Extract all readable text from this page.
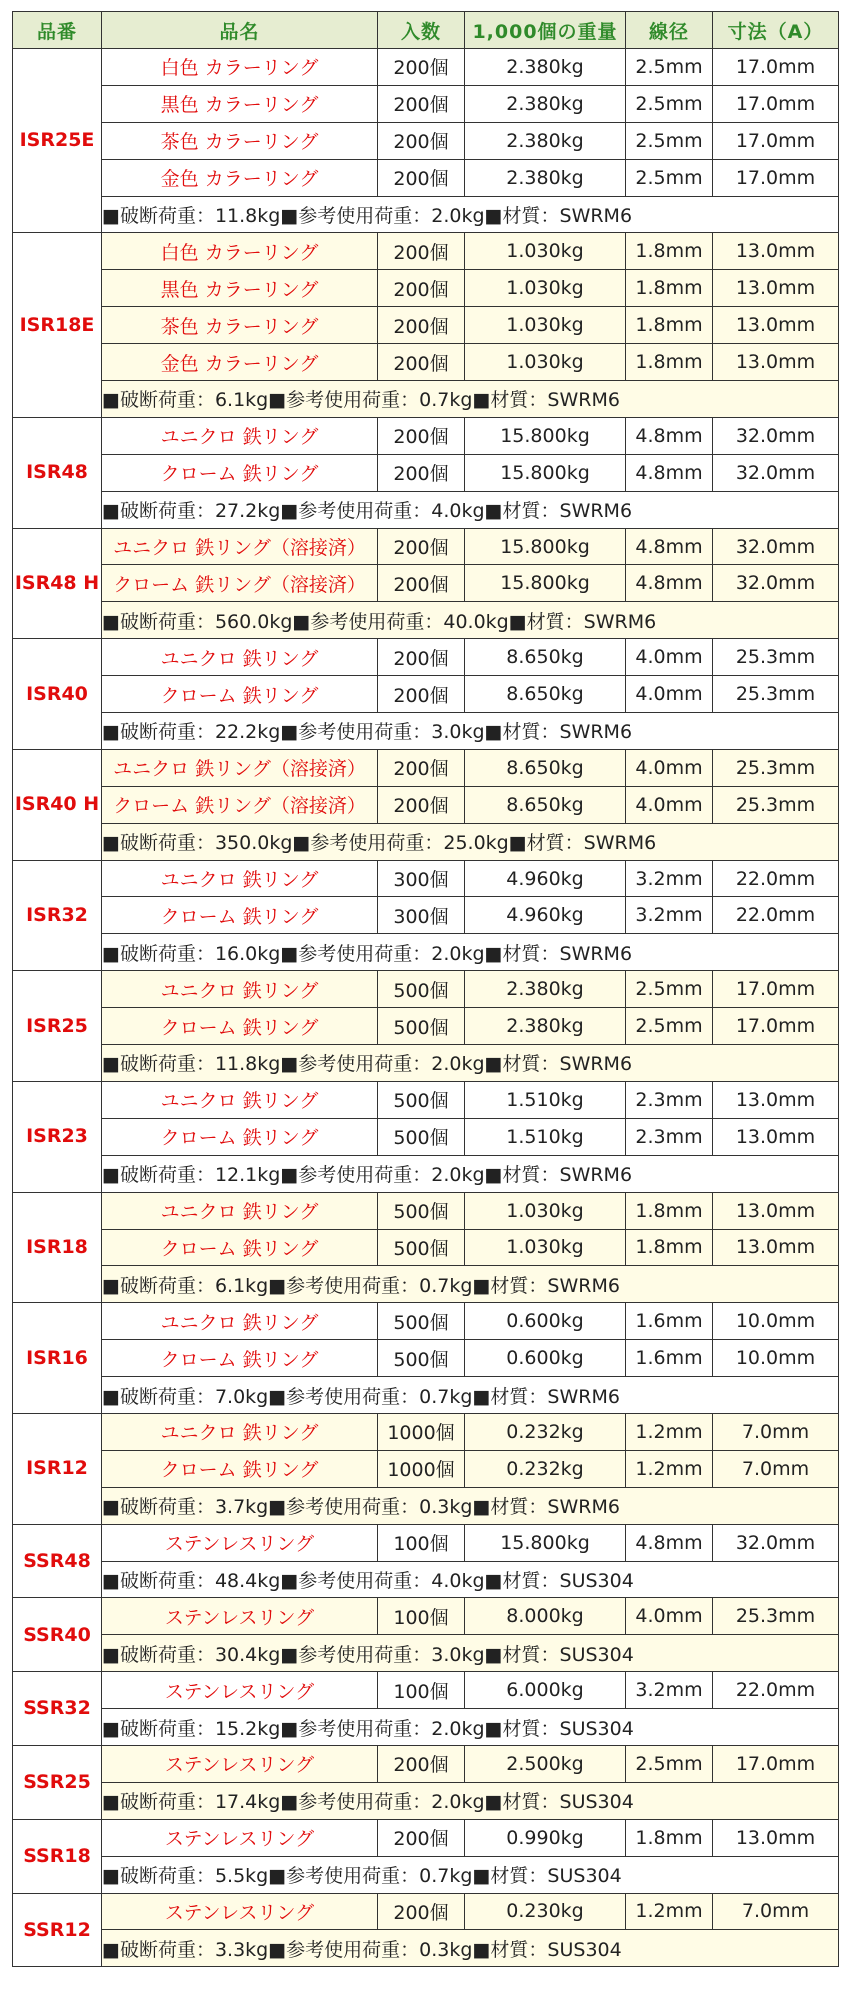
品番	品名	入数	1,000個の重量	線径	寸法（A）
ISR25E	白色 カラーリング	200個	2.380kg	2.5mm	17.0mm
	黒色 カラーリング	200個	2.380kg	2.5mm	17.0mm
	茶色 カラーリング	200個	2.380kg	2.5mm	17.0mm
	金色 カラーリング	200個	2.380kg	2.5mm	17.0mm
	■破断荷重：11.8kg■参考使用荷重：2.0kg■材質：SWRM6				
ISR18E	白色 カラーリング	200個	1.030kg	1.8mm	13.0mm
	黒色 カラーリング	200個	1.030kg	1.8mm	13.0mm
	茶色 カラーリング	200個	1.030kg	1.8mm	13.0mm
	金色 カラーリング	200個	1.030kg	1.8mm	13.0mm
	■破断荷重：6.1kg■参考使用荷重：0.7kg■材質：SWRM6				
ISR48	ユニクロ 鉄リング	200個	15.800kg	4.8mm	32.0mm
	クローム 鉄リング	200個	15.800kg	4.8mm	32.0mm
	■破断荷重：27.2kg■参考使用荷重：4.0kg■材質：SWRM6				
ISR48 H	ユニクロ 鉄リング（溶接済）	200個	15.800kg	4.8mm	32.0mm
	クローム 鉄リング（溶接済）	200個	15.800kg	4.8mm	32.0mm
	■破断荷重：560.0kg■参考使用荷重：40.0kg■材質：SWRM6				
ISR40	ユニクロ 鉄リング	200個	8.650kg	4.0mm	25.3mm
	クローム 鉄リング	200個	8.650kg	4.0mm	25.3mm
	■破断荷重：22.2kg■参考使用荷重：3.0kg■材質：SWRM6				
ISR40 H	ユニクロ 鉄リング（溶接済）	200個	8.650kg	4.0mm	25.3mm
	クローム 鉄リング（溶接済）	200個	8.650kg	4.0mm	25.3mm
	■破断荷重：350.0kg■参考使用荷重：25.0kg■材質：SWRM6				
ISR32	ユニクロ 鉄リング	300個	4.960kg	3.2mm	22.0mm
	クローム 鉄リング	300個	4.960kg	3.2mm	22.0mm
	■破断荷重：16.0kg■参考使用荷重：2.0kg■材質：SWRM6				
ISR25	ユニクロ 鉄リング	500個	2.380kg	2.5mm	17.0mm
	クローム 鉄リング	500個	2.380kg	2.5mm	17.0mm
	■破断荷重：11.8kg■参考使用荷重：2.0kg■材質：SWRM6				
ISR23	ユニクロ 鉄リング	500個	1.510kg	2.3mm	13.0mm
	クローム 鉄リング	500個	1.510kg	2.3mm	13.0mm
	■破断荷重：12.1kg■参考使用荷重：2.0kg■材質：SWRM6				
ISR18	ユニクロ 鉄リング	500個	1.030kg	1.8mm	13.0mm
	クローム 鉄リング	500個	1.030kg	1.8mm	13.0mm
	■破断荷重：6.1kg■参考使用荷重：0.7kg■材質：SWRM6				
ISR16	ユニクロ 鉄リング	500個	0.600kg	1.6mm	10.0mm
	クローム 鉄リング	500個	0.600kg	1.6mm	10.0mm
	■破断荷重：7.0kg■参考使用荷重：0.7kg■材質：SWRM6				
ISR12	ユニクロ 鉄リング	1000個	0.232kg	1.2mm	7.0mm
	クローム 鉄リング	1000個	0.232kg	1.2mm	7.0mm
	■破断荷重：3.7kg■参考使用荷重：0.3kg■材質：SWRM6				
SSR48	ステンレスリング	100個	15.800kg	4.8mm	32.0mm
	■破断荷重：48.4kg■参考使用荷重：4.0kg■材質：SUS304				
SSR40	ステンレスリング	100個	8.000kg	4.0mm	25.3mm
	■破断荷重：30.4kg■参考使用荷重：3.0kg■材質：SUS304				
SSR32	ステンレスリング	100個	6.000kg	3.2mm	22.0mm
	■破断荷重：15.2kg■参考使用荷重：2.0kg■材質：SUS304				
SSR25	ステンレスリング	200個	2.500kg	2.5mm	17.0mm
	■破断荷重：17.4kg■参考使用荷重：2.0kg■材質：SUS304				
SSR18	ステンレスリング	200個	0.990kg	1.8mm	13.0mm
	■破断荷重：5.5kg■参考使用荷重：0.7kg■材質：SUS304				
SSR12	ステンレスリング	200個	0.230kg	1.2mm	7.0mm
	■破断荷重：3.3kg■参考使用荷重：0.3kg■材質：SUS304				
